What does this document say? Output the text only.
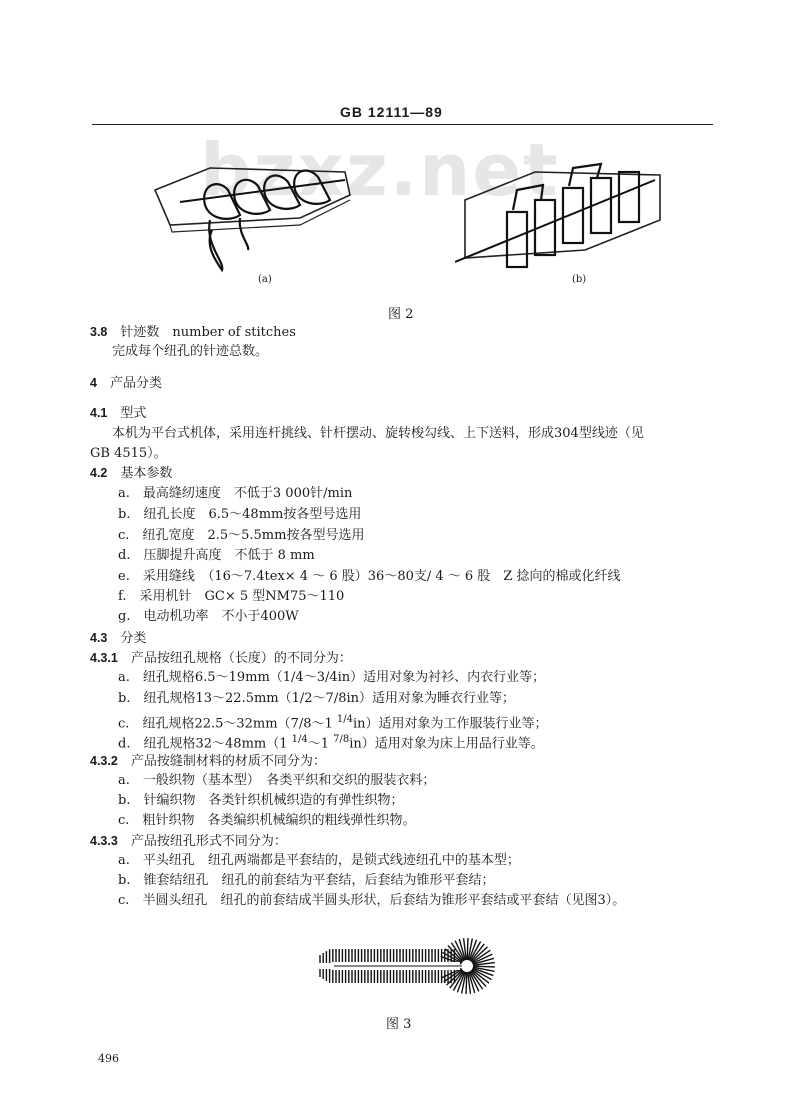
bzxz.net
GB 12111—89
(a)	(b)
图 2
3.8　 针迹数　number of stitches
完成每个纽孔的针迹总数。
4　 产品分类
4.1　 型式
本机为平台式机体，采用连杆挑线、针杆摆动、旋转梭勾线、上下送料，形成304型线迹（见
GB 4515）。
4.2　 基本参数
a.　 最高缝纫速度　不低于3 000针/min
b.　 纽孔长度　6.5～48mm按各型号选用
c.　 纽孔宽度　2.5～5.5mm按各型号选用
d.　 压脚提升高度　不低于 8 mm
e.　 采用缝线　（16～7.4tex× 4 ～ 6 股）36～80支/ 4 ～ 6 股　Z 捻向的棉或化纤线
f.　 采用机针　GC× 5 型NM75～110
g.　 电动机功率　不小于400W
4.3　 分类
4.3.1　 产品按纽孔规格（长度）的不同分为：
a.　 纽孔规格6.5～19mm（1/4～3/4in）适用对象为衬衫、内衣行业等；
b.　 纽孔规格13～22.5mm（1/2～7/8in）适用对象为睡衣行业等；
c.　 纽孔规格22.5～32mm（7/8～1 $^{1/4}$in）适用对象为工作服装行业等；
d.　 纽孔规格32～48mm（1 $^{1/4}$～1 $^{7/8}$in）适用对象为床上用品行业等。
4.3.2　 产品按缝制材料的材质不同分为：
a.　 一般织物（基本型）　各类平织和交织的服装衣料；
b.　 针编织物　各类针织机械织造的有弹性织物；
c.　 粗针织物　各类编织机械编织的粗线弹性织物。
4.3.3　 产品按纽孔形式不同分为：
a.　 平头纽孔　纽孔两端都是平套结的，是锁式线迹纽孔中的基本型；
b.　 锥套结纽孔　纽孔的前套结为平套结，后套结为锥形平套结；
c.　 半圆头纽孔　纽孔的前套结成半圆头形状，后套结为锥形平套结或平套结（见图3）。
图 3
496
